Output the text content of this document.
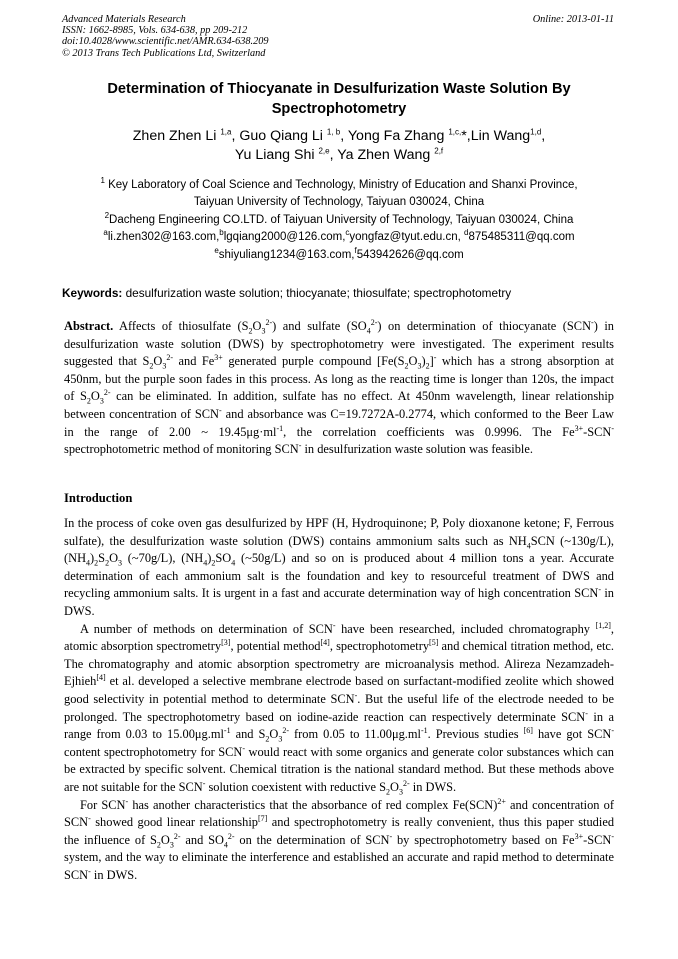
Advanced Materials Research
ISSN: 1662-8985, Vols. 634-638, pp 209-212
doi:10.4028/www.scientific.net/AMR.634-638.209
© 2013 Trans Tech Publications Ltd, Switzerland
Online: 2013-01-11
Determination of Thiocyanate in Desulfurization Waste Solution By
Spectrophotometry
Zhen Zhen Li $^{1,a}$, Guo Qiang Li $^{1, b}$, Yong Fa Zhang $^{1,c,}$*,Lin Wang$^{1,d}$,
Yu Liang Shi $^{2,e}$, Ya Zhen Wang $^{2,f}$
$^1$ Key Laboratory of Coal Science and Technology, Ministry of Education and Shanxi Province,
Taiyuan University of Technology, Taiyuan 030024, China
$^2$Dacheng Engineering CO.LTD. of Taiyuan University of Technology, Taiyuan 030024, China
$^a$li.zhen302@163.com,$^b$lgqiang2000@126.com,$^c$yongfaz@tyut.edu.cn, $^d$875485311@qq.com
$^e$shiyuliang1234@163.com,$^f$543942626@qq.com
Keywords: desulfurization waste solution; thiocyanate; thiosulfate; spectrophotometry
Abstract. Affects of thiosulfate $(S_2O_3^{2-})$ and sulfate $(SO_4^{2-})$ on determination of thiocyanate (SCN-) in desulfurization waste solution (DWS) by spectrophotometry were investigated. The experiment results suggested that $S_2O_3^{2-}$ and $Fe^{3+}$ generated purple compound $[Fe(S_2O_3)_2]^-$ which has a strong absorption at 450nm, but the purple soon fades in this process. As long as the reacting time is longer than 120s, the impact of $S_2O_3^{2-}$ can be eliminated. In addition, sulfate has no effect. At 450nm wavelength, linear relationship between concentration of SCN- and absorbance was C=19.7272A-0.2774, which conformed to the Beer Law in the range of 2.00 ~ $19.45\mu g\cdot ml^{-1}$, the correlation coefficients was 0.9996. The $Fe^{3+}-SCN^-$ spectrophotometric method of monitoring SCN- in desulfurization waste solution was feasible.
Introduction

In the process of coke oven gas desulfurized by HPF (H, Hydroquinone; P, Poly dioxanone ketone; F, Ferrous sulfate), the desulfurization waste solution (DWS) contains ammonium salts such as $NH_4SCN$ (~130g/L), $(NH_4)_2S_2O_3$ (~70g/L), $(NH_4)_2SO_4$ (~50g/L) and so on is produced about 4 million tons a year. Accurate determination of each ammonium salt is the foundation and key to resourceful treatment of DWS and recycling ammonium salts. It is urgent in a fast and accurate determination way of high concentration SCN- in DWS.

A number of methods on determination of SCN- have been researched, included chromatography [1,2], atomic absorption spectrometry[3], potential method[4], spectrophotometry[5] and chemical titration method, etc. The chromatography and atomic absorption spectrometry are microanalysis method. Alireza Nezamzadeh-Ejhieh[4] et al. developed a selective membrane electrode based on surfactant-modified zeolite which showed good selectivity in potential method to determinate SCN-. But the useful life of the electrode needed to be prolonged. The spectrophotometry based on iodine-azide reaction can respectively determinate SCN- in a range from 0.03 to $15.00\mu g.ml^{-1}$ and $S_2O_3^{2-}$ from 0.05 to $11.00\mu g.ml^{-1}$. Previous studies [6] have got SCN- content spectrophotometry for SCN- would react with some organics and generate color substances which can be extracted by specific solvent. Chemical titration is the national standard method. But these methods above are not suitable for the SCN- solution coexistent with reductive $S_2O_3^{2-}$ in DWS.

For SCN- has another characteristics that the absorbance of red complex Fe(SCN)$^{2+}$ and concentration of SCN- showed good linear relationship[7] and spectrophotometry is really convenient, thus this paper studied the influence of $S_2O_3^{2-}$ and $SO_4^{2-}$ on the determination of SCN- by spectrophotometry based on $Fe^{3+}-SCN^-$ system, and the way to eliminate the interference and established an accurate and rapid method to determinate SCN- in DWS.
